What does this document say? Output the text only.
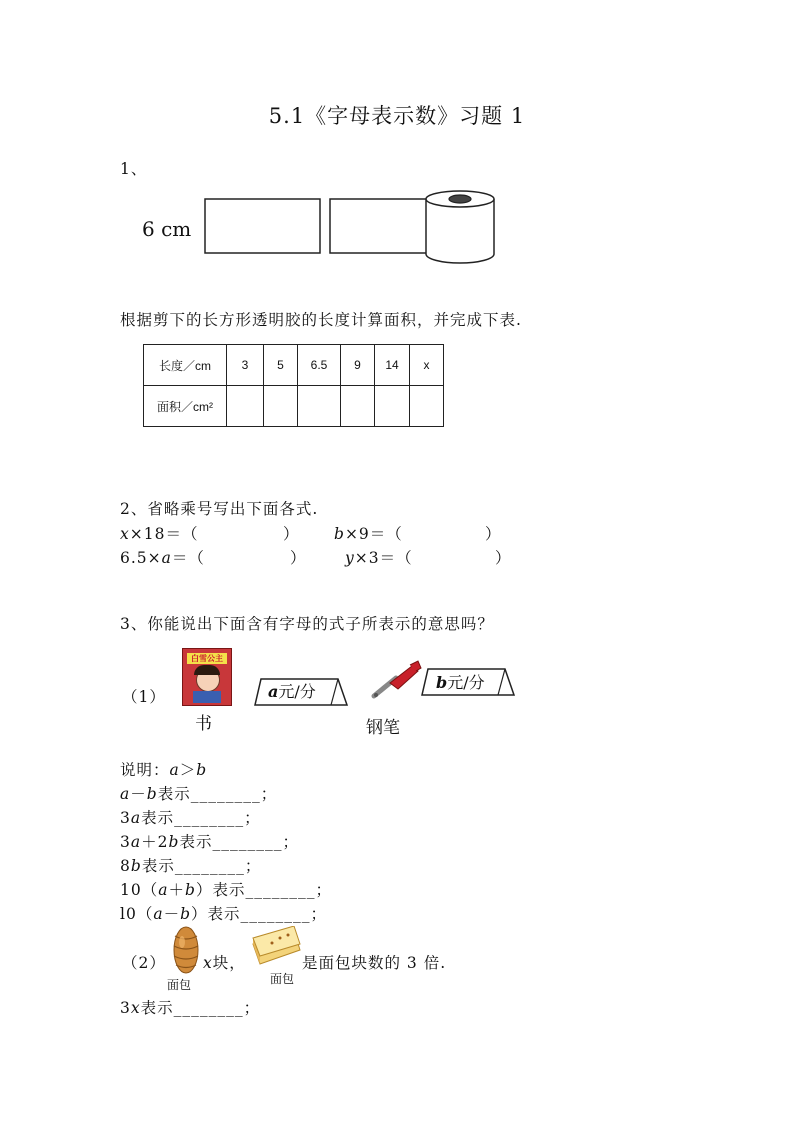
5.1《字母表示数》习题 1
1、
6 cm
根据剪下的长方形透明胶的长度计算面积，并完成下表.
长度／cm	3	5	6.5	9	14	x
面积／cm²						
2、省略乘号写出下面各式.
x×18＝（	） b×9＝（	）
6.5×a＝（	） y×3＝（	）
3、你能说出下面含有字母的式子所表示的意思吗？
（1）
白雪公主
书
a元/分
钢笔
b元/分
说明：a＞b
a－b表示________；
3a表示________；
3a＋2b表示________；
8b表示________；
10（a＋b）表示________；
l0（a－b）表示________；
（2）
面包
x块，
面包
是面包块数的 3 倍.
3x表示________；
